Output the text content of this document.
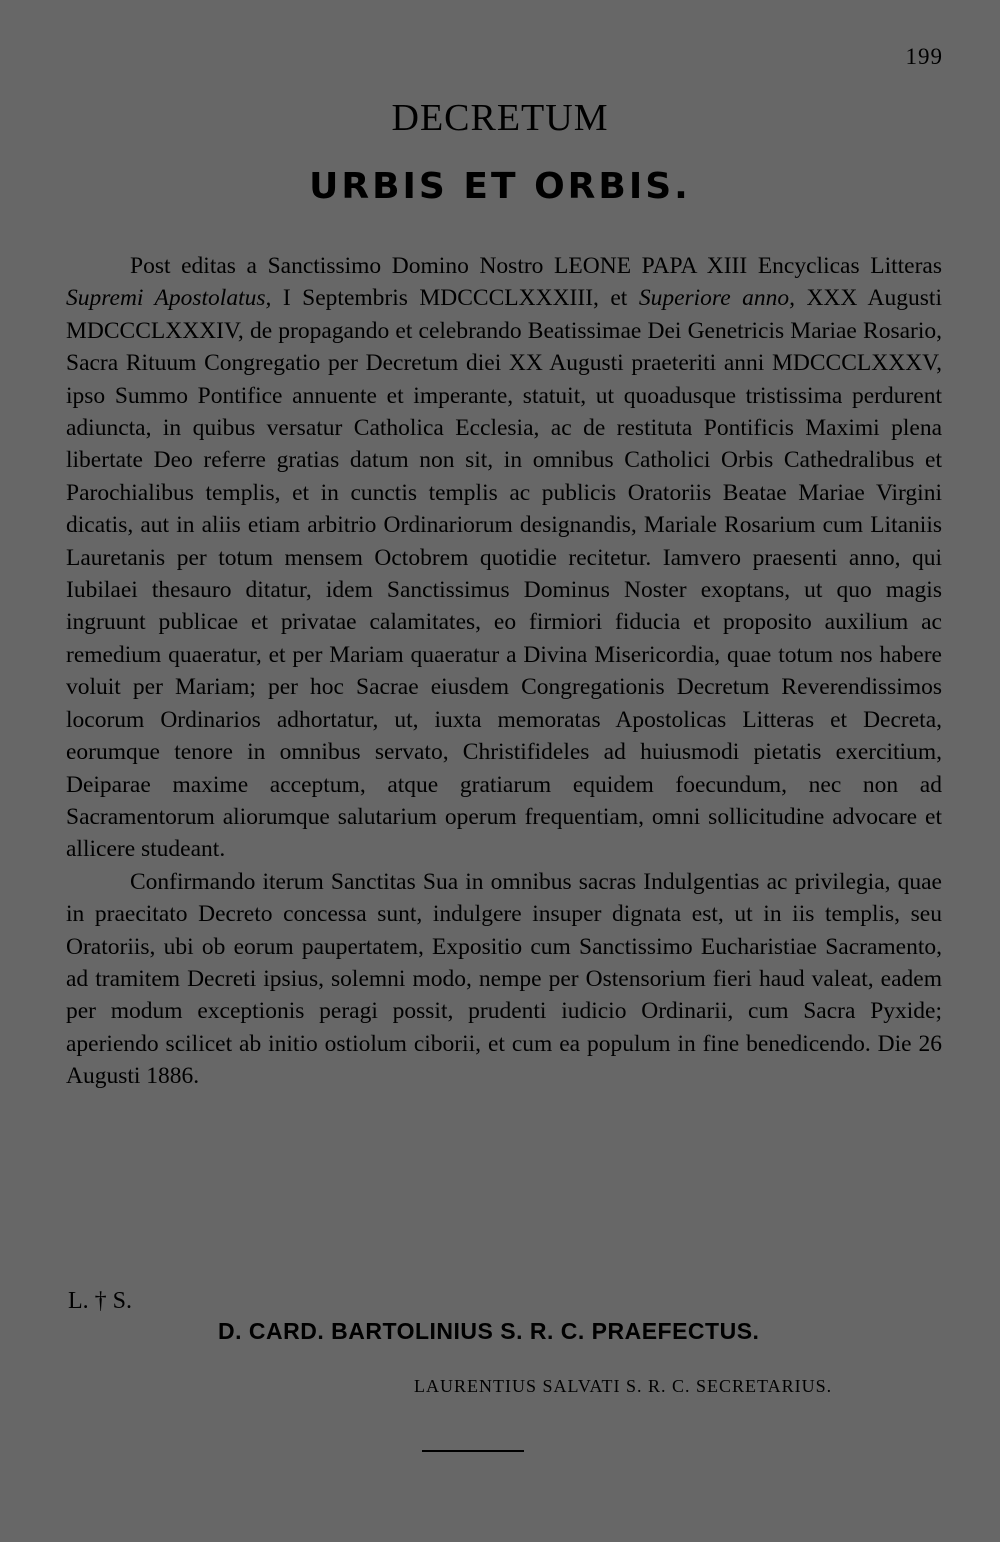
199
DECRETUM
URBIS ET ORBIS.

Post editas a Sanctissimo Domino Nostro LEONE PAPA XIII Encyclicas Litteras Supremi Apostolatus, I Septembris MDCCCLXXXIII, et Superiore anno, XXX Augusti MDCCCLXXXIV, de propagando et celebrando Beatissimae Dei Genetricis Mariae Rosario, Sacra Rituum Congregatio per Decretum diei XX Augusti praeteriti anni MDCCCLXXXV, ipso Summo Pontifice annuente et imperante, statuit, ut quoadusque tristissima perdurent adiuncta, in quibus versatur Catholica Ecclesia, ac de restituta Pontificis Maximi plena libertate Deo referre gratias datum non sit, in omnibus Catholici Orbis Cathedralibus et Parochialibus templis, et in cunctis templis ac publicis Oratoriis Beatae Mariae Virgini dicatis, aut in aliis etiam arbitrio Ordinariorum designandis, Mariale Rosarium cum Litaniis Lauretanis per totum mensem Octobrem quotidie recitetur. Iamvero praesenti anno, qui Iubilaei thesauro ditatur, idem Sanctissimus Dominus Noster exoptans, ut quo magis ingruunt publicae et privatae calamitates, eo firmiori fiducia et proposito auxilium ac remedium quaeratur, et per Mariam quaeratur a Divina Misericordia, quae totum nos habere voluit per Mariam; per hoc Sacrae eiusdem Congregationis Decretum Reverendissimos locorum Ordinarios adhortatur, ut, iuxta memoratas Apostolicas Litteras et Decreta, eorumque tenore in omnibus servato, Christifideles ad huiusmodi pietatis exercitium, Deiparae maxime acceptum, atque gratiarum equidem foecundum, nec non ad Sacramentorum aliorumque salutarium operum frequentiam, omni sollicitudine advocare et allicere studeant.

Confirmando iterum Sanctitas Sua in omnibus sacras Indulgentias ac privilegia, quae in praecitato Decreto concessa sunt, indulgere insuper dignata est, ut in iis templis, seu Oratoriis, ubi ob eorum paupertatem, Expositio cum Sanctissimo Eucharistiae Sacramento, ad tramitem Decreti ipsius, solemni modo, nempe per Ostensorium fieri haud valeat, eadem per modum exceptionis peragi possit, prudenti iudicio Ordinarii, cum Sacra Pyxide; aperiendo scilicet ab initio ostiolum ciborii, et cum ea populum in fine benedicendo. Die 26 Augusti 1886.

L. † S.
D. CARD. BARTOLINIUS S. R. C. PRAEFECTUS.
LAURENTIUS SALVATI S. R. C. SECRETARIUS.
